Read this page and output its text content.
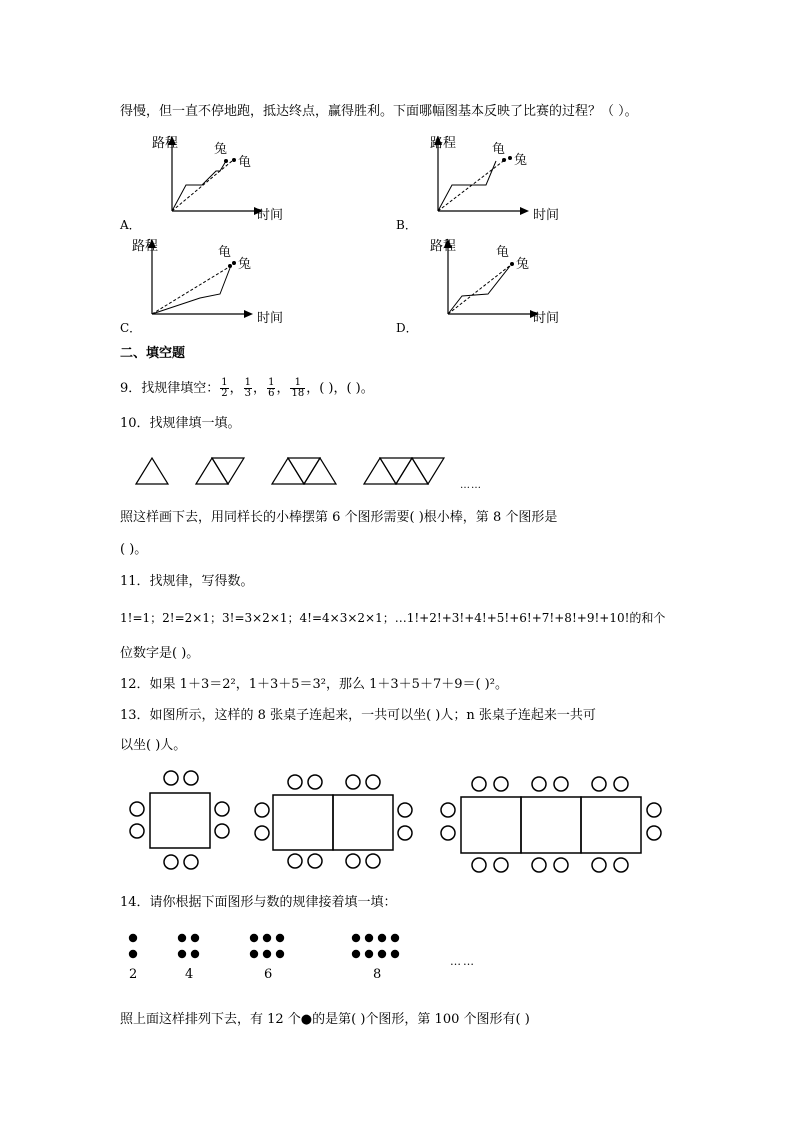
得慢，但一直不停地跑，抵达终点，赢得胜利。下面哪幅图基本反映了比赛的过程？（ ）。
路程	兔
龟
时间
A．
路程	龟
兔
时间
B．
路程	龟
兔
时间
C．
路程	龟
兔
时间
D．
二、填空题
9．找规律填空： $\frac{1}{2}$ ， $\frac{1}{3}$ ， $\frac{1}{6}$ ， $\frac{1}{18}$ ，( )，( )。
10．找规律填一填。
……
照这样画下去，用同样长的小棒摆第 6 个图形需要( )根小棒，第 8 个图形是
( )。
11．找规律，写得数。
1!=1；2!=2×1；3!=3×2×1；4!=4×3×2×1；…1!+2!+3!+4!+5!+6!+7!+8!+9!+10!的和个
位数字是( )。
12．如果 1＋3＝2²，1＋3＋5＝3²，那么 1＋3＋5＋7＋9＝( )²。
13．如图所示，这样的 8 张桌子连起来，一共可以坐( )人；n 张桌子连起来一共可
以坐( )人。
14．请你根据下面图形与数的规律接着填一填：
2	4	6	8
……
照上面这样排列下去，有 12 个●的是第( )个图形，第 100 个图形有( )
